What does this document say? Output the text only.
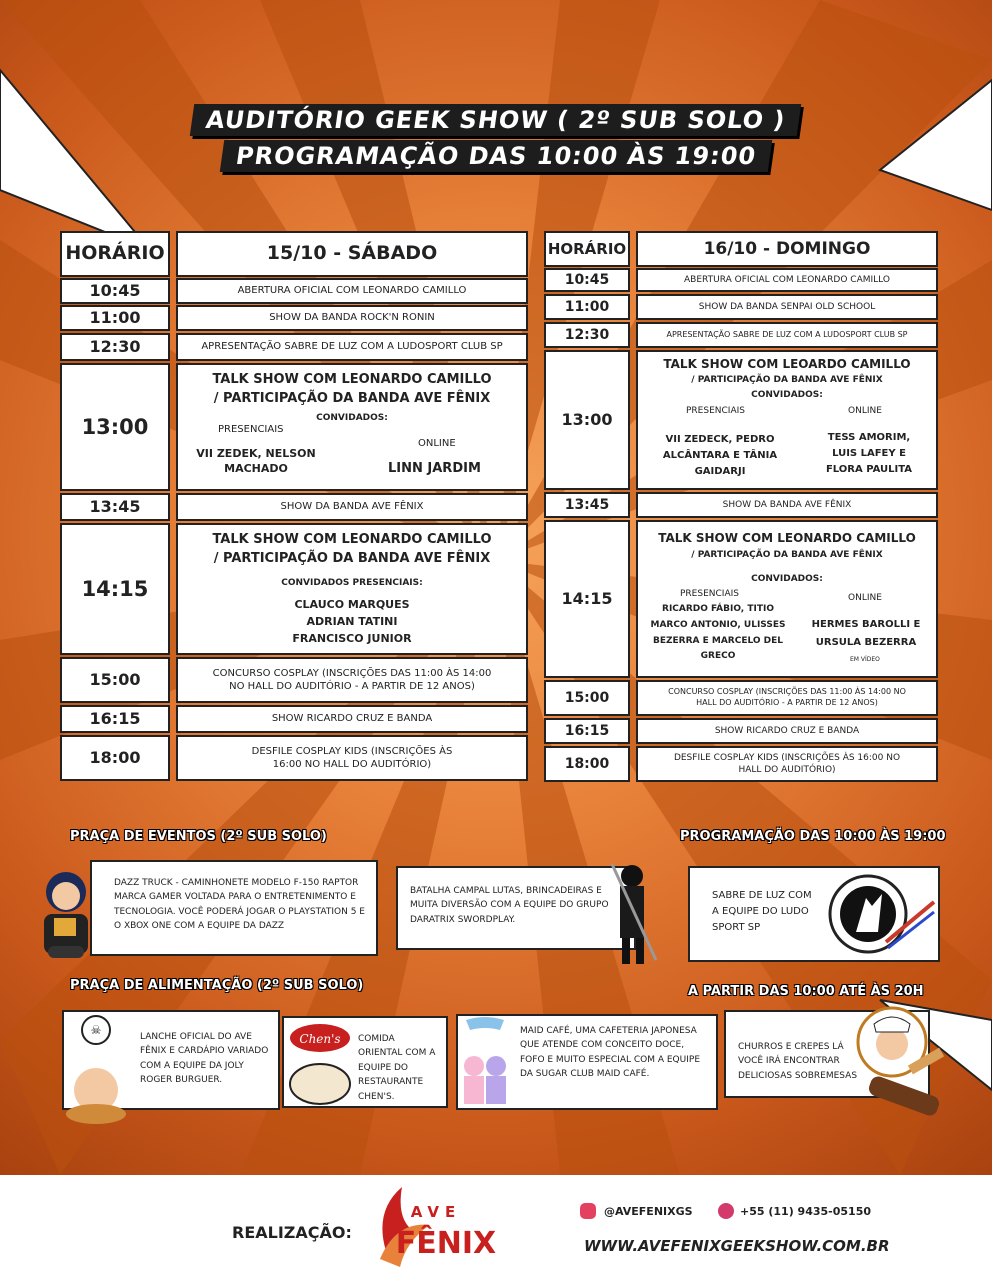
AUDITÓRIO GEEK SHOW ( 2º SUB SOLO )
PROGRAMAÇÃO DAS 10:00 ÀS 19:00
HORÁRIO	15/10 - SÁBADO
10:45	ABERTURA OFICIAL COM LEONARDO CAMILLO
11:00	SHOW DA BANDA ROCK'N RONIN
12:30	APRESENTAÇÃO SABRE DE LUZ COM A LUDOSPORT CLUB SP
13:00
TALK SHOW COM LEONARDO CAMILLO
/ PARTICIPAÇÃO DA BANDA AVE FÊNIX
CONVIDADOS:
PRESENCIAIS
ONLINE
VII ZEDEK, NELSON MACHADO	LINN JARDIM
13:45	SHOW DA BANDA AVE FÊNIX
14:15
TALK SHOW COM LEONARDO CAMILLO
/ PARTICIPAÇÃO DA BANDA AVE FÊNIX
CONVIDADOS PRESENCIAIS:
CLAUCO MARQUES
ADRIAN TATINI
FRANCISCO JUNIOR
15:00	CONCURSO COSPLAY (INSCRIÇÕES DAS 11:00 ÀS 14:00 NO HALL DO AUDITÓRIO - A PARTIR DE 12 ANOS)
16:15	SHOW RICARDO CRUZ E BANDA
18:00	DESFILE COSPLAY KIDS (INSCRIÇÕES ÀS 16:00 NO HALL DO AUDITÓRIO)
HORÁRIO	16/10 - DOMINGO
10:45	ABERTURA OFICIAL COM LEONARDO CAMILLO
11:00	SHOW DA BANDA SENPAI OLD SCHOOL
12:30	APRESENTAÇÃO SABRE DE LUZ COM A LUDOSPORT CLUB SP
13:00
TALK SHOW COM LEOARDO CAMILLO
/ PARTICIPAÇÃO DA BANDA AVE FÊNIX
CONVIDADOS:
PRESENCIAIS	ONLINE
VII ZEDECK, PEDRO ALCÂNTARA E TÂNIA GAIDARJI
TESS AMORIM, LUIS LAFEY E FLORA PAULITA
13:45	SHOW DA BANDA AVE FÊNIX
14:15
TALK SHOW COM LEONARDO CAMILLO
/ PARTICIPAÇÃO DA BANDA AVE FÊNIX
CONVIDADOS:
PRESENCIAIS	ONLINE
RICARDO FÁBIO, TITIO MARCO ANTONIO, ULISSES BEZERRA E MARCELO DEL GRECO
HERMES BAROLLI E URSULA BEZERRA
EM VÍDEO
15:00	CONCURSO COSPLAY (INSCRIÇÕES DAS 11:00 ÀS 14:00 NO HALL DO AUDITÓRIO - A PARTIR DE 12 ANOS)
16:15	SHOW RICARDO CRUZ E BANDA
18:00	DESFILE COSPLAY KIDS (INSCRIÇÕES ÀS 16:00 NO HALL DO AUDITÓRIO)
PRAÇA DE EVENTOS (2º SUB SOLO)	PROGRAMAÇÃO DAS 10:00 ÀS 19:00
DAZZ TRUCK - CAMINHONETE MODELO F-150 RAPTOR MARCA GAMER VOLTADA PARA O ENTRETENIMENTO E TECNOLOGIA. VOCÊ PODERÁ JOGAR O PLAYSTATION 5 E O XBOX ONE COM A EQUIPE DA DAZZ
BATALHA CAMPAL LUTAS, BRINCADEIRAS E MUITA DIVERSÃO COM A EQUIPE DO GRUPO DARATRIX SWORDPLAY.
SABRE DE LUZ COM A EQUIPE DO LUDO SPORT SP
PRAÇA DE ALIMENTAÇÃO (2º SUB SOLO)	A PARTIR DAS 10:00 ATÉ ÀS 20H
LANCHE OFICIAL DO AVE FÊNIX E CARDÁPIO VARIADO COM A EQUIPE DA JOLY ROGER BURGUER.
☠
COMIDA ORIENTAL COM A EQUIPE DO RESTAURANTE CHEN'S.
Chen's
MAID CAFÉ, UMA CAFETERIA JAPONESA QUE ATENDE COM CONCEITO DOCE, FOFO E MUITO ESPECIAL COM A EQUIPE DA SUGAR CLUB MAID CAFÉ.
CHURROS E CREPES LÁ VOCÊ IRÁ ENCONTRAR DELICIOSAS SOBREMESAS
REALIZAÇÃO:
AVE
FÊNIX
@AVEFENIXGS	+55 (11) 9435-05150
WWW.AVEFENIXGEEKSHOW.COM.BR
